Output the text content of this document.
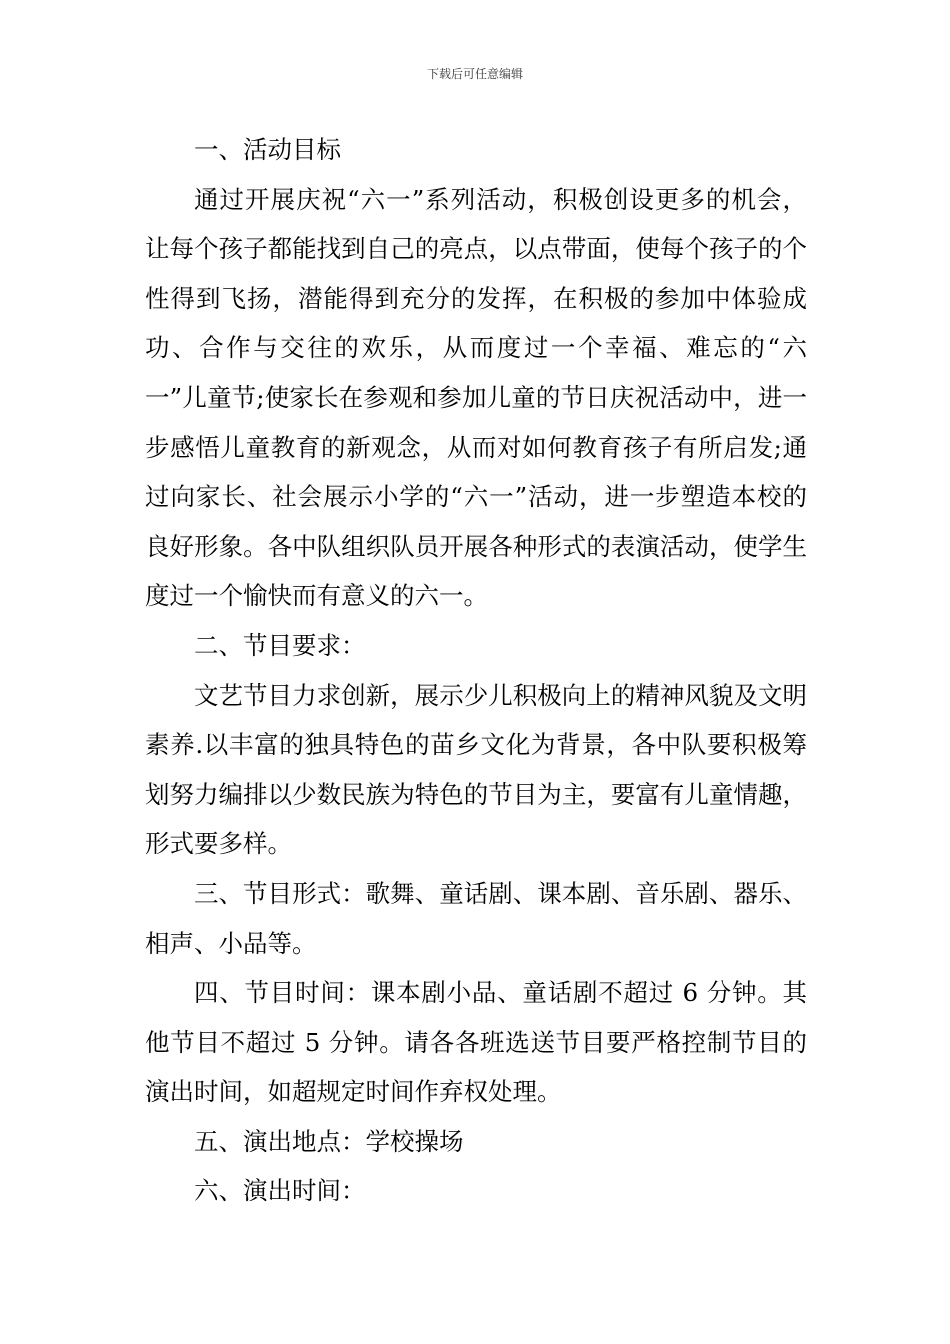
下载后可任意编辑

一、活动目标

通过开展庆祝“六一”系列活动，积极创设更多的机会，让每个孩子都能找到自己的亮点，以点带面，使每个孩子的个性得到飞扬，潜能得到充分的发挥，在积极的参加中体验成功、合作与交往的欢乐，从而度过一个幸福、难忘的“六一”儿童节;使家长在参观和参加儿童的节日庆祝活动中，进一步感悟儿童教育的新观念，从而对如何教育孩子有所启发;通过向家长、社会展示小学的“六一”活动，进一步塑造本校的良好形象。各中队组织队员开展各种形式的表演活动，使学生度过一个愉快而有意义的六一。

二、节目要求：

文艺节目力求创新，展示少儿积极向上的精神风貌及文明素养.以丰富的独具特色的苗乡文化为背景，各中队要积极筹划努力编排以少数民族为特色的节目为主，要富有儿童情趣，形式要多样。

三、节目形式：歌舞、童话剧、课本剧、音乐剧、器乐、相声、小品等。

四、节目时间：课本剧小品、童话剧不超过 6 分钟。其他节目不超过 5 分钟。请各各班选送节目要严格控制节目的演出时间，如超规定时间作弃权处理。

五、演出地点：学校操场

六、演出时间：
